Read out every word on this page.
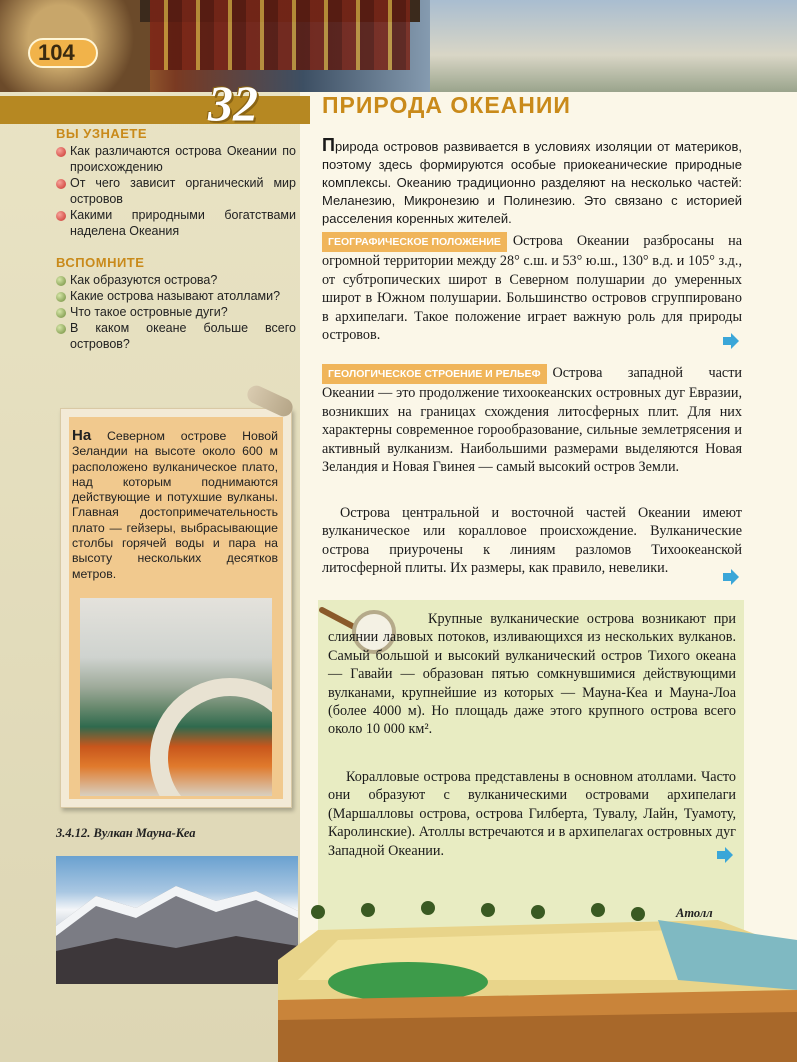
104
32
ВЫ УЗНАЕТЕ
Как различаются острова Океании по происхождению
От чего зависит органический мир островов
Какими природными богатствами наделена Океания
ВСПОМНИТЕ
Как образуются острова?
Какие острова называют атоллами?
Что такое островные дуги?
В каком океане больше всего островов?
На Северном острове Новой Зеландии на высоте около 600 м расположено вулканическое плато, над которым поднимаются действующие и потухшие вулканы. Главная достопримечательность плато — гейзеры, выбрасывающие столбы горячей воды и пара на высоту нескольких десятков метров.
3.4.12. Вулкан Мауна-Кеа
ПРИРОДА ОКЕАНИИ
Природа островов развивается в условиях изоляции от материков, поэтому здесь формируются особые приокеанические природные комплексы. Океанию традиционно разделяют на несколько частей: Меланезию, Микронезию и Полинезию. Это связано с историей расселения коренных жителей.
ГЕОГРАФИЧЕСКОЕ ПОЛОЖЕНИЕ Острова Океании разбросаны на огромной территории между 28° с.ш. и 53° ю.ш., 130° в.д. и 105° з.д., от субтропических широт в Северном полушарии до умеренных широт в Южном полушарии. Большинство островов сгруппировано в архипелаги. Такое положение играет важную роль для природы островов.
ГЕОЛОГИЧЕСКОЕ СТРОЕНИЕ И РЕЛЬЕФ Острова западной части Океании — это продолжение тихоокеанских островных дуг Евразии, возникших на границах схождения литосферных плит. Для них характерны современное горообразование, сильные землетрясения и активный вулканизм. Наибольшими размерами выделяются Новая Зеландия и Новая Гвинея — самый высокий остров Земли.
Острова центральной и восточной частей Океании имеют вулканическое или коралловое происхождение. Вулканические острова приурочены к линиям разломов Тихоокеанской литосферной плиты. Их размеры, как правило, невелики.
Крупные вулканические острова возникают при слиянии лавовых потоков, изливающихся из нескольких вулканов. Самый большой и высокий вулканический остров Тихого океана — Гавайи — образован пятью сомкнувшимися действующими вулканами, крупнейшие из которых — Мауна-Кеа и Мауна-Лоа (более 4000 м). Но площадь даже этого крупного острова всего около 10 000 км².
Коралловые острова представлены в основном атоллами. Часто они образуют с вулканическими островами архипелаги (Маршалловы острова, острова Гилберта, Тувалу, Лайн, Туамоту, Каролинские). Атоллы встречаются и в архипелагах островных дуг Западной Океании.
Атолл
